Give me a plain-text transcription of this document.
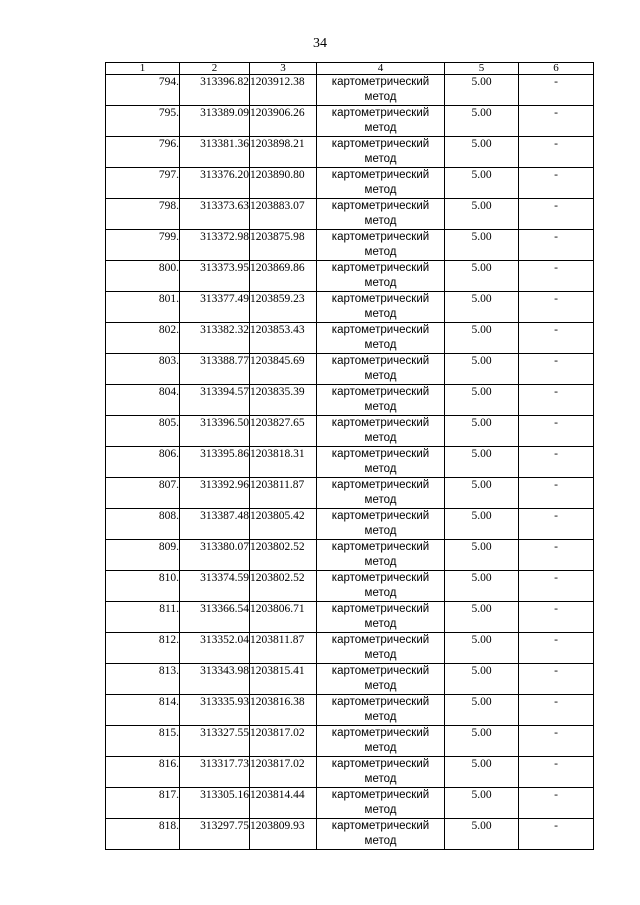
34
1	2	3	4	5	6
794.	313396.82	1203912.38	картометрический метод	5.00	-
795.	313389.09	1203906.26	картометрический метод	5.00	-
796.	313381.36	1203898.21	картометрический метод	5.00	-
797.	313376.20	1203890.80	картометрический метод	5.00	-
798.	313373.63	1203883.07	картометрический метод	5.00	-
799.	313372.98	1203875.98	картометрический метод	5.00	-
800.	313373.95	1203869.86	картометрический метод	5.00	-
801.	313377.49	1203859.23	картометрический метод	5.00	-
802.	313382.32	1203853.43	картометрический метод	5.00	-
803.	313388.77	1203845.69	картометрический метод	5.00	-
804.	313394.57	1203835.39	картометрический метод	5.00	-
805.	313396.50	1203827.65	картометрический метод	5.00	-
806.	313395.86	1203818.31	картометрический метод	5.00	-
807.	313392.96	1203811.87	картометрический метод	5.00	-
808.	313387.48	1203805.42	картометрический метод	5.00	-
809.	313380.07	1203802.52	картометрический метод	5.00	-
810.	313374.59	1203802.52	картометрический метод	5.00	-
811.	313366.54	1203806.71	картометрический метод	5.00	-
812.	313352.04	1203811.87	картометрический метод	5.00	-
813.	313343.98	1203815.41	картометрический метод	5.00	-
814.	313335.93	1203816.38	картометрический метод	5.00	-
815.	313327.55	1203817.02	картометрический метод	5.00	-
816.	313317.73	1203817.02	картометрический метод	5.00	-
817.	313305.16	1203814.44	картометрический метод	5.00	-
818.	313297.75	1203809.93	картометрический метод	5.00	-
